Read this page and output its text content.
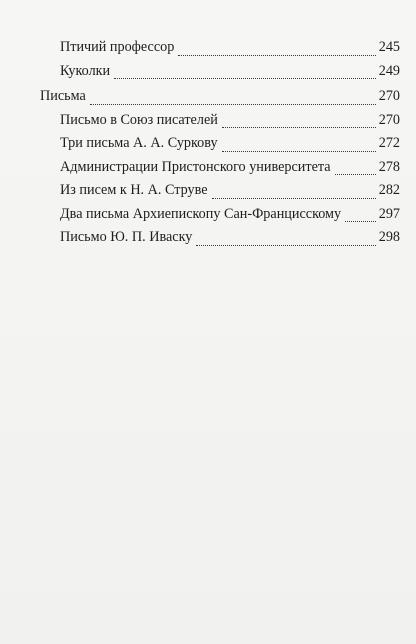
Птичий профессор	245
Куколки	249
Письма	270
Письмо в Союз писателей	270
Три письма А. А. Суркову	272
Администрации Пристонского университета	278
Из писем к Н. А. Струве	282
Два письма Архиепископу Сан-Францисскому	297
Письмо Ю. П. Иваску	298
